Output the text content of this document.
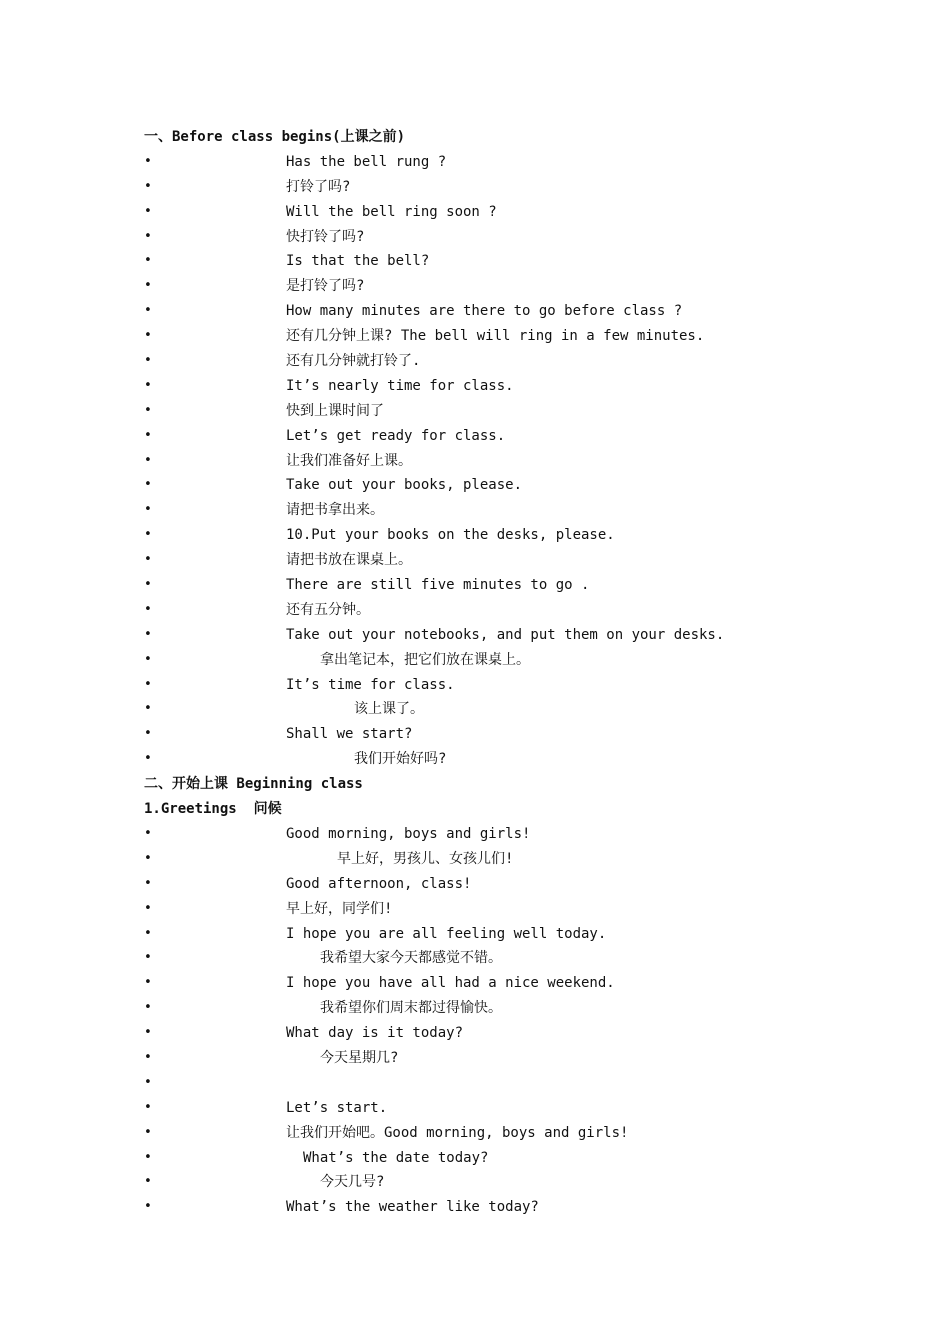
一、Before class begins(上课之前)
•	Has the bell rung ?
•	打铃了吗?
•	Will the bell ring soon ?
•	快打铃了吗?
•	Is that the bell?
•	是打铃了吗?
•	How many minutes are there to go before class ?
•	还有几分钟上课? The bell will ring in a few minutes.
•	还有几分钟就打铃了.
•	It’s nearly time for class.
•	快到上课时间了
•	Let’s get ready for class.
•	让我们准备好上课。
•	Take out your books, please.
•	请把书拿出来。
•	10.Put your books on the desks, please.
•	请把书放在课桌上。
•	There are still five minutes to go .
•	还有五分钟。
•	Take out your notebooks, and put them on your desks.
•	拿出笔记本，把它们放在课桌上。
•	It’s time for class.
•	该上课了。
•	Shall we start?
•	我们开始好吗?
二、开始上课 Beginning class
1.Greetings  问候
•	Good morning, boys and girls!
•	早上好，男孩儿、女孩儿们!
•	Good afternoon, class!
•	早上好，同学们!
•	I hope you are all feeling well today.
•	我希望大家今天都感觉不错。
•	I hope you have all had a nice weekend.
•	我希望你们周末都过得愉快。
•	What day is it today?
•	今天星期几?
•
•	Let’s start.
•	让我们开始吧。Good morning, boys and girls!
•	What’s the date today?
•	今天几号?
•	What’s the weather like today?
